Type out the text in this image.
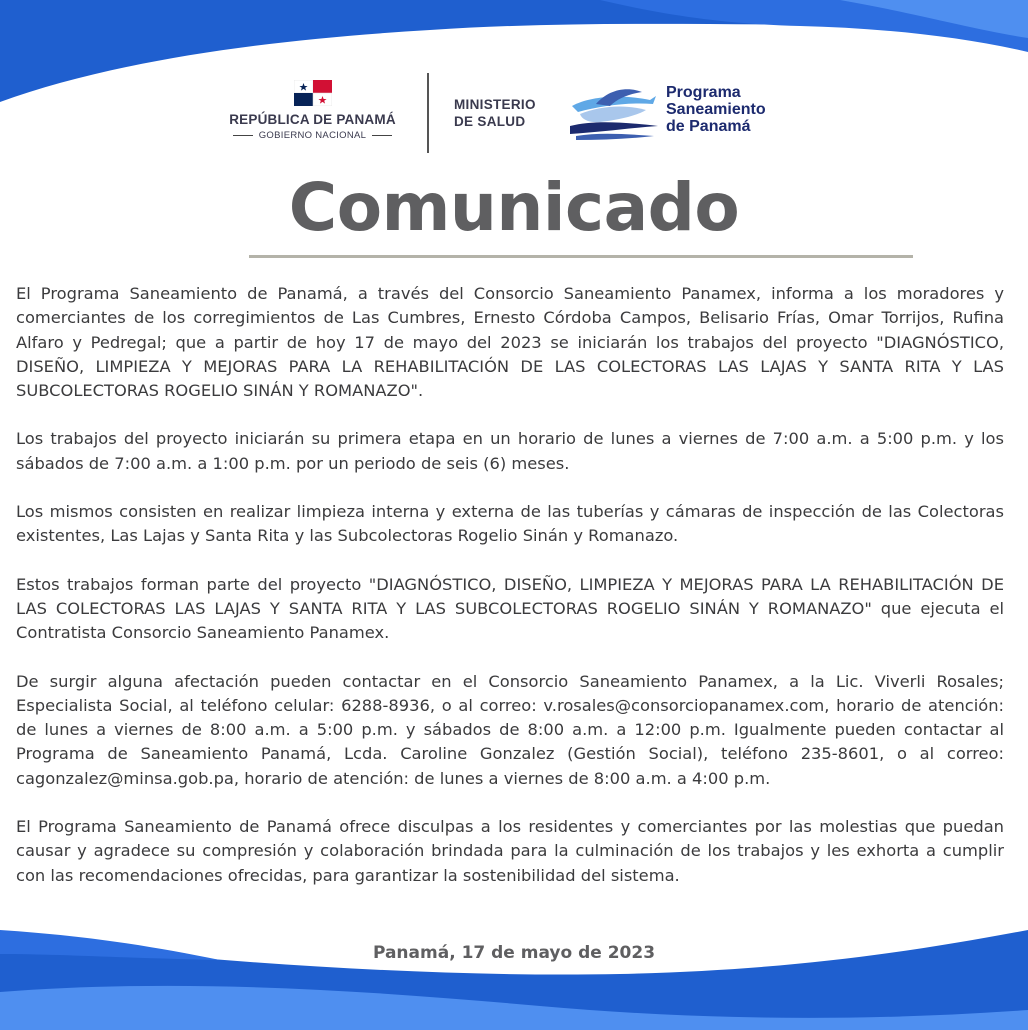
REPÚBLICA DE PANAMÁ
GOBIERNO NACIONAL
MINISTERIO
DE SALUD
Programa
Saneamiento
de Panamá
Comunicado

El Programa Saneamiento de Panamá, a través del Consorcio Saneamiento Panamex, informa a los moradores y comerciantes de los corregimientos de Las Cumbres, Ernesto Córdoba Campos, Belisario Frías, Omar Torrijos, Rufina Alfaro y Pedregal; que a partir de hoy 17 de mayo del 2023 se iniciarán los trabajos del proyecto "DIAGNÓSTICO, DISEÑO, LIMPIEZA Y MEJORAS PARA LA REHABILITACIÓN DE LAS COLECTORAS LAS LAJAS Y SANTA RITA Y LAS SUBCOLECTORAS ROGELIO SINÁN Y ROMANAZO".

Los trabajos del proyecto iniciarán su primera etapa en un horario de lunes a viernes de 7:00 a.m. a 5:00 p.m. y los sábados de 7:00 a.m. a 1:00 p.m. por un periodo de seis (6) meses.

Los mismos consisten en realizar limpieza interna y externa de las tuberías y cámaras de inspección de las Colectoras existentes, Las Lajas y Santa Rita y las Subcolectoras Rogelio Sinán y Romanazo.

Estos trabajos forman parte del proyecto "DIAGNÓSTICO, DISEÑO, LIMPIEZA Y MEJORAS PARA LA REHABILITACIÓN DE LAS COLECTORAS LAS LAJAS Y SANTA RITA Y LAS SUBCOLECTORAS ROGELIO SINÁN Y ROMANAZO" que ejecuta el Contratista Consorcio Saneamiento Panamex.

De surgir alguna afectación pueden contactar en el Consorcio Saneamiento Panamex, a la Lic. Viverli Rosales; Especialista Social, al teléfono celular: 6288-8936, o al correo: v.rosales@consorciopanamex.com, horario de atención: de lunes a viernes de 8:00 a.m. a 5:00 p.m. y sábados de 8:00 a.m. a 12:00 p.m. Igualmente pueden contactar al Programa de Saneamiento Panamá, Lcda. Caroline Gonzalez (Gestión Social), teléfono 235-8601, o al correo: cagonzalez@minsa.gob.pa, horario de atención: de lunes a viernes de 8:00 a.m. a 4:00 p.m.

El Programa Saneamiento de Panamá ofrece disculpas a los residentes y comerciantes por las molestias que puedan causar y agradece su compresión y colaboración brindada para la culminación de los trabajos y les exhorta a cumplir con las recomendaciones ofrecidas, para garantizar la sostenibilidad del sistema.

Panamá, 17 de mayo de 2023
